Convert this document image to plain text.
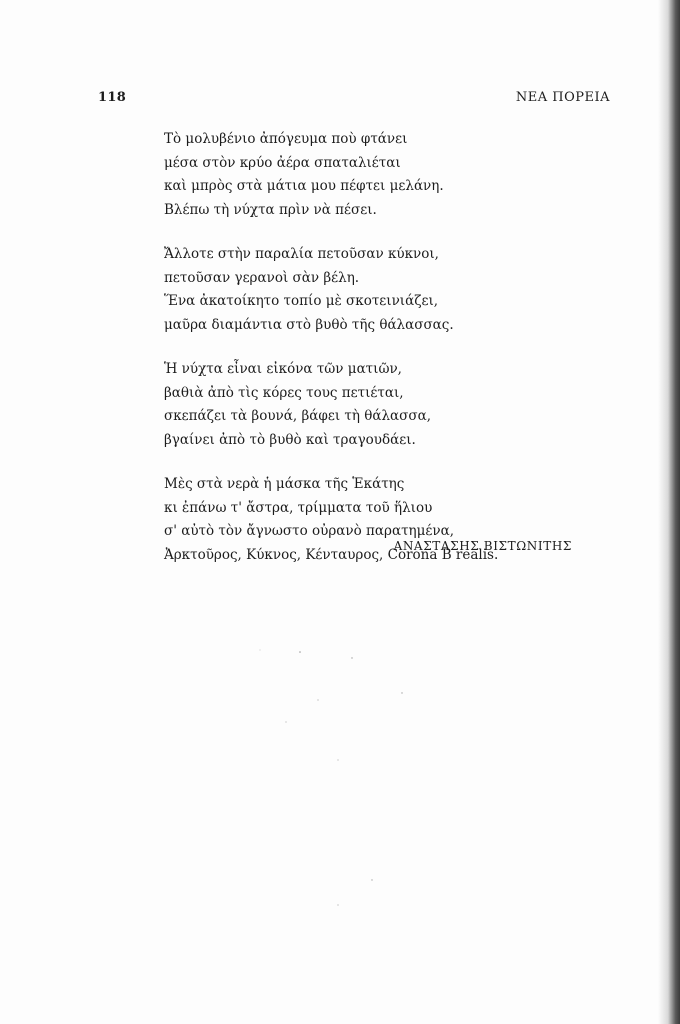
118	ΝΕΑ ΠΟΡΕΙΑ
Τὸ μολυβένιο ἀπόγευμα ποὺ φτάνει
μέσα στὸν κρύο ἀέρα σπαταλιέται
καὶ μπρὸς στὰ μάτια μου πέφτει μελάνη.
Βλέπω τὴ νύχτα πρὶν νὰ πέσει.
Ἄλλοτε στὴν παραλία πετοῦσαν κύκνοι,
πετοῦσαν γερανοὶ σὰν βέλη.
Ἕνα ἀκατοίκητο τοπίο μὲ σκοτεινιάζει,
μαῦρα διαμάντια στὸ βυθὸ τῆς θάλασσας.
Ἡ νύχτα εἶναι εἰκόνα τῶν ματιῶν,
βαθιὰ ἀπὸ τὶς κόρες τους πετιέται,
σκεπάζει τὰ βουνά, βάφει τὴ θάλασσα,
βγαίνει ἀπὸ τὸ βυθὸ καὶ τραγουδάει.
Μὲς στὰ νερὰ ἡ μάσκα τῆς Ἑκάτης
κι ἐπάνω τ' ἄστρα, τρίμματα τοῦ ἥλιου
σ' αὐτὸ τὸν ἄγνωστο οὐρανὸ παρατημένα,
Ἀρκτοῦρος, Κύκνος, Κένταυρος, Corona B realis.
ΑΝΑΣΤΑΣΗΣ ΒΙΣΤΩΝΙΤΗΣ
